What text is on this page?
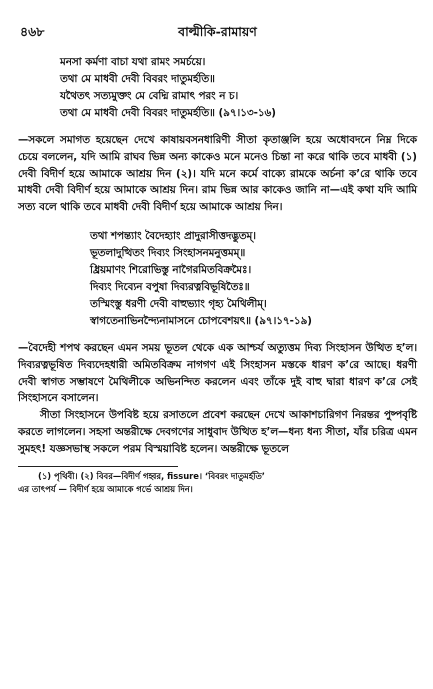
৪৬৮	বাল্মীকি-রামায়ণ
মনসা কর্মণা বাচা যথা রামং সমর্চয়ে।
তথা মে মাধবী দেবী বিবরং দাতুমর্হতি॥
যথৈতৎ সত্যমুক্তং মে বেদ্মি রামাৎ পরং ন চ।
তথা মে মাধবী দেবী বিবরং দাতুমর্হতি॥ (৯৭।১৩-১৬)

—সকলে সমাগত হয়েছেন দেখে কাষায়বসনধারিণী সীতা কৃতাঞ্জলি হয়ে অধোবদনে নিম্ন দিকে চেয়ে বললেন, যদি আমি রাঘব ভিন্ন অন্য কাকেও মনে মনেও চিন্তা না করে থাকি তবে মাধবী (১) দেবী বিদীর্ণ হয়ে আমাকে আশ্রয় দিন (২)। যদি মনে কর্মে বাক্যে রামকে অর্চনা ক’রে থাকি তবে মাধবী দেবী বিদীর্ণ হয়ে আমাকে আশ্রয় দিন। রাম ভিন্ন আর কাকেও জানি না—এই কথা যদি আমি সত্য বলে থাকি তবে মাধবী দেবী বিদীর্ণ হয়ে আমাকে আশ্রয় দিন।

তথা শপন্ত্যাং বৈদেহ্যাং প্রাদুরাসীত্তদদ্ভুতম্।
ভূতলাদুত্থিতং দিব্যং সিংহাসনমনুত্তমম্॥
ধ্রিয়মাণং শিরোভিস্তু নাগৈরমিতবিক্রমৈঃ।
দিব্যং দিব্যেন বপুষা দিব্যরত্নবিভূষিতৈঃ॥
তস্মিংস্তু ধরণী দেবী বাহুভ্যাং গৃহ্য মৈথিলীম্।
স্বাগতেনাভিনন্দ্যৈনামাসনে চোপবেশয়ৎ॥ (৯৭।১৭-১৯)

—বৈদেহী শপথ করছেন এমন সময় ভূতল থেকে এক আশ্চর্য অত্যুত্তম দিব্য সিংহাসন উত্থিত হ’ল। দিব্যরত্নভূষিত দিব্যদেহধারী অমিতবিক্রম নাগগণ এই সিংহাসন মস্তকে ধারণ ক’রে আছে। ধরণী দেবী স্বাগত সম্ভাষণে মৈথিলীকে অভিনন্দিত করলেন এবং তাঁকে দুই বাহু দ্বারা ধারণ ক’রে সেই সিংহাসনে বসালেন।

সীতা সিংহাসনে উপবিষ্ট হয়ে রসাতলে প্রবেশ করছেন দেখে আকাশচারিগণ নিরন্তর পুষ্পবৃষ্টি করতে লাগলেন। সহসা অন্তরীক্ষে দেবগণের সাধুবাদ উত্থিত হ’ল—ধন্য ধন্য সীতা, যাঁর চরিত্র এমন সুমহৎ! যজ্ঞসভাস্থ সকলে পরম বিস্ময়াবিষ্ট হলেন। অন্তরীক্ষে ভূতলে

(১) পৃথিবী। (২) বিবর—বিদীর্ণ গহ্বর, fissure। ‘বিবরং দাতুমর্হতি’
এর তাৎপর্য — বিদীর্ণ হয়ে আমাকে গর্ভে আশ্রয় দিন।
